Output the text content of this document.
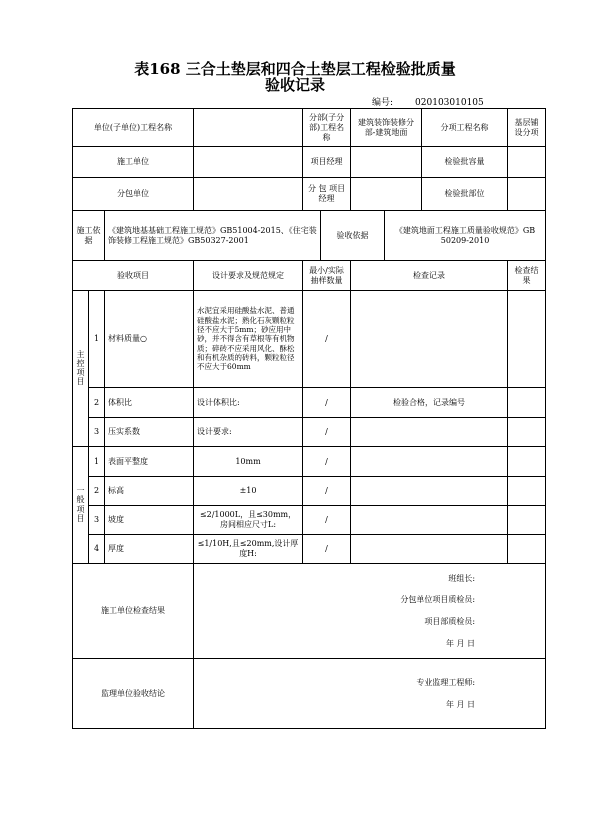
表168 三合土垫层和四合土垫层工程检验批质量
验收记录
编号: 020103010105
单位(子单位)工程名称				分部(子分部)工程名称		建筑装饰装修分部-建筑地面		分项工程名称	基层铺设分项
施工单位				项目经理				检验批容量	
分包单位				分 包 项目经理				检验批部位	
施工依据		《建筑地基基础工程施工规范》GB51004-2015、《住宅装饰装修工程施工规范》GB50327-2001			验收依据		《建筑地面工程施工质量验收规范》GB 50209-2010		
验收项目			设计要求及规范规定	最小/实际抽样数量		检查记录			检查结果
主控项目	1	材料质量○	水泥宜采用硅酸盐水泥、普通硅酸盐水泥；熟化石灰颗粒粒径不应大于5mm；砂应用中砂，并不得含有草根等有机物质；碎砖不应采用风化、酥松和有机杂质的砖料，颗粒粒径不应大于60mm	/					
	2	体积比	设计体积比:	/		检验合格，记录编号			
	3	压实系数	设计要求:	/					
一般项目	1	表面平整度	10mm	/					
	2	标高	±10	/					
	3	坡度	≤2/1000L，且≤30mm，房间相应尺寸L:	/					
	4	厚度	≤1/10H,且≤20mm,设计厚度H:	/					
施工单位检查结果			班组长:
分包单位项目质检员:
项目部质检员:
年 月 日						

监理单位验收结论			专业监理工程师:
年 月 日						
